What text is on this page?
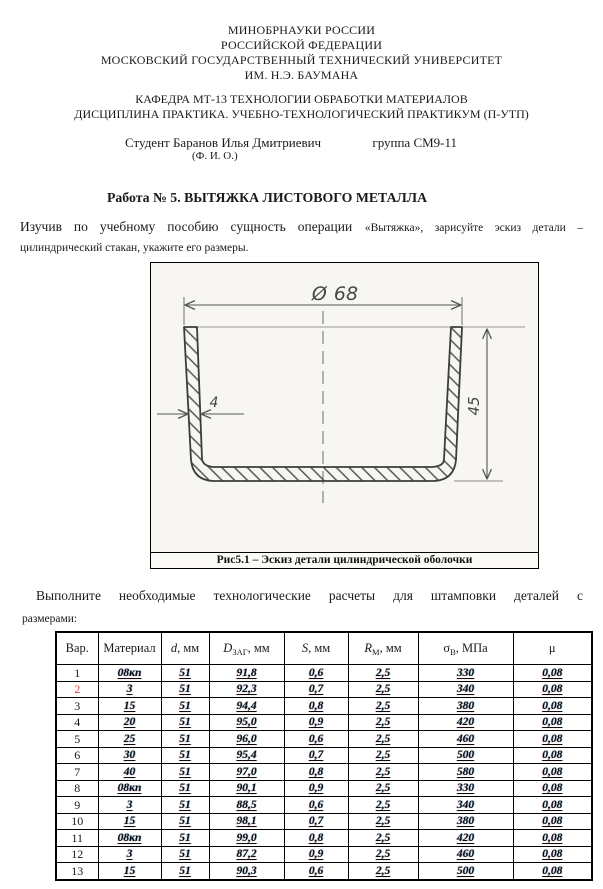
МИНОБРНАУКИ РОССИИ
РОССИЙСКОЙ ФЕДЕРАЦИИ
МОСКОВСКИЙ ГОСУДАРСТВЕННЫЙ ТЕХНИЧЕСКИЙ УНИВЕРСИТЕТ
ИМ. Н.Э. БАУМАНА
КАФЕДРА МТ-13 ТЕХНОЛОГИИ ОБРАБОТКИ МАТЕРИАЛОВ
ДИСЦИПЛИНА ПРАКТИКА. УЧЕБНО-ТЕХНОЛОГИЧЕСКИЙ ПРАКТИКУМ (П-УТП)
Студент Баранов Илья Дмитриевич	группа СМ9-11
(Ф. И. О.)
Работа № 5. ВЫТЯЖКА ЛИСТОВОГО МЕТАЛЛА
Изучив по учебному пособию сущность операции «Вытяжка», зарисуйте эскиз детали –
цилиндрический стакан, укажите его размеры.
Ø 68
4	45
Рис5.1 – Эскиз детали цилиндрической оболочки
Выполните необходимые технологические расчеты для штамповки деталей с
размерами:
Вар.	Материал	d, мм	$D_{ЗАГ}$, мм	S, мм	$R_М$, мм	$\sigma_В$, МПа	μ
1	08кп	51	91,8	0,6	2,5	330	0,08
2	3	51	92,3	0,7	2,5	340	0,08
3	15	51	94,4	0,8	2,5	380	0,08
4	20	51	95,0	0,9	2,5	420	0,08
5	25	51	96,0	0,6	2,5	460	0,08
6	30	51	95,4	0,7	2,5	500	0,08
7	40	51	97,0	0,8	2,5	580	0,08
8	08кп	51	90,1	0,9	2,5	330	0,08
9	3	51	88,5	0,6	2,5	340	0,08
10	15	51	98,1	0,7	2,5	380	0,08
11	08кп	51	99,0	0,8	2,5	420	0,08
12	3	51	87,2	0,9	2,5	460	0,08
13	15	51	90,3	0,6	2,5	500	0,08
